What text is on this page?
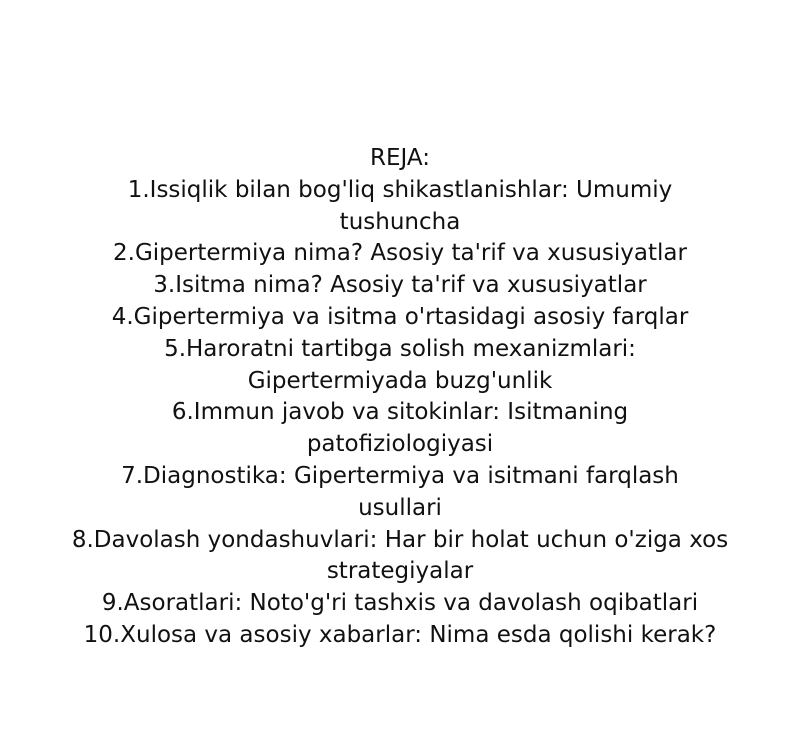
REJA:
1.Issiqlik bilan bog'liq shikastlanishlar: Umumiy tushuncha
2.Gipertermiya nima? Asosiy ta'rif va xususiyatlar
3.Isitma nima? Asosiy ta'rif va xususiyatlar
4.Gipertermiya va isitma o'rtasidagi asosiy farqlar
5.Haroratni tartibga solish mexanizmlari: Gipertermiyada buzg'unlik
6.Immun javob va sitokinlar: Isitmaning patofiziologiyasi
7.Diagnostika: Gipertermiya va isitmani farqlash usullari
8.Davolash yondashuvlari: Har bir holat uchun o'ziga xos strategiyalar
9.Asoratlari: Noto'g'ri tashxis va davolash oqibatlari
10.Xulosa va asosiy xabarlar: Nima esda qolishi kerak?
